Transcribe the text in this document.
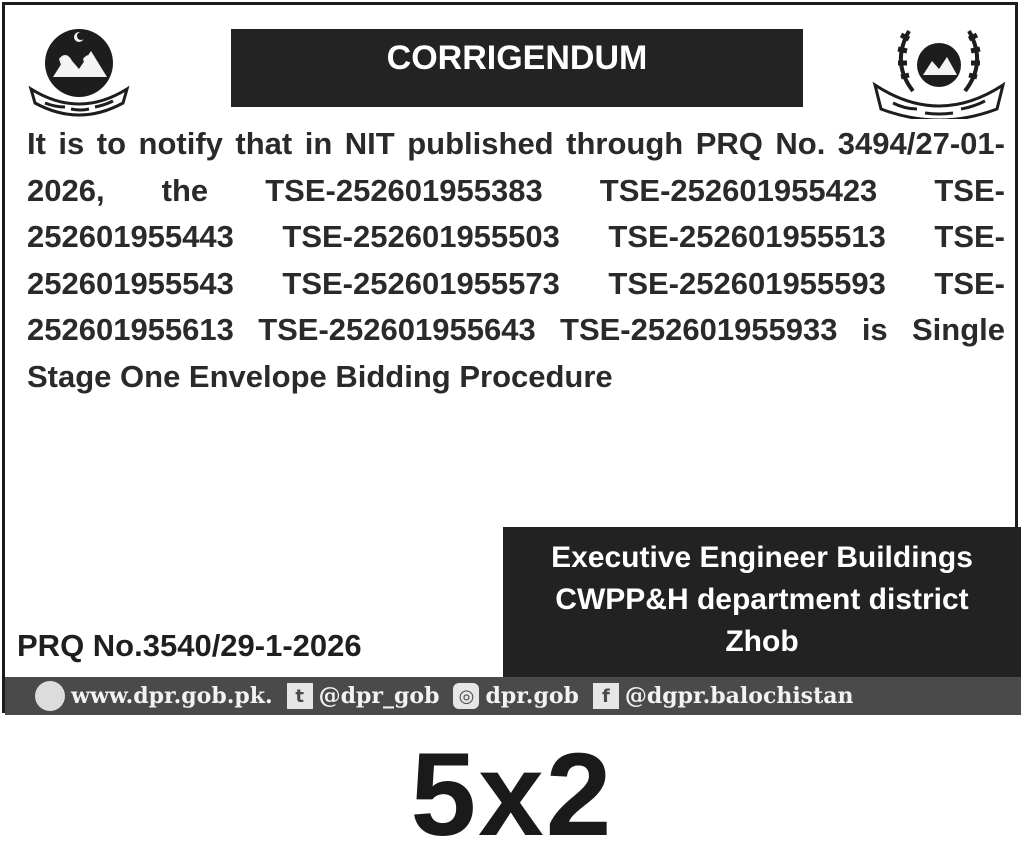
CORRIGENDUM
It is to notify that in NIT published through PRQ No. 3494/27-01-2026, the TSE-252601955383 TSE-252601955423 TSE-252601955443 TSE-252601955503 TSE-252601955513 TSE-252601955543 TSE-252601955573 TSE-252601955593 TSE-252601955613 TSE-252601955643 TSE-252601955933 is Single Stage One Envelope Bidding Procedure
PRQ No.3540/29-1-2026
Executive Engineer Buildings
CWPP&H department district
Zhob
www.dpr.gob.pk.	t @dpr_gob ◎ dpr.gob	f @dgpr.balochistan
5x2
